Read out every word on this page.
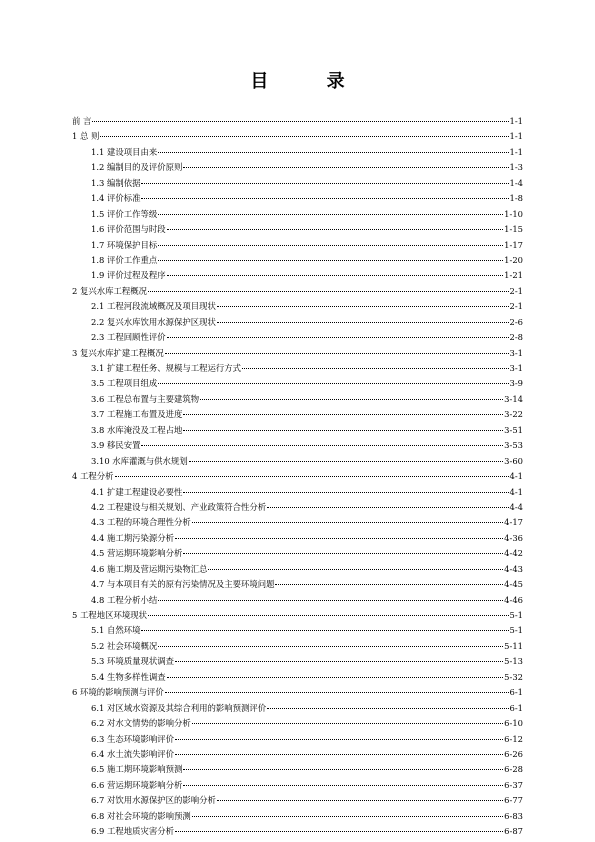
目 录
前 言	1-1
1 总 则	1-1
1.1 建设项目由来	1-1
1.2 编制目的及评价原则	1-3
1.3 编制依据	1-4
1.4 评价标准	1-8
1.5 评价工作等级	1-10
1.6 评价范围与时段	1-15
1.7 环境保护目标	1-17
1.8 评价工作重点	1-20
1.9 评价过程及程序	1-21
2 复兴水库工程概况	2-1
2.1 工程河段流域概况及项目现状	2-1
2.2 复兴水库饮用水源保护区现状	2-6
2.3 工程回顾性评价	2-8
3 复兴水库扩建工程概况	3-1
3.1 扩建工程任务、规模与工程运行方式	3-1
3.5 工程项目组成	3-9
3.6 工程总布置与主要建筑物	3-14
3.7 工程施工布置及进度	3-22
3.8 水库淹没及工程占地	3-51
3.9 移民安置	3-53
3.10 水库灌溉与供水规划	3-60
4 工程分析	4-1
4.1 扩建工程建设必要性	4-1
4.2 工程建设与相关规划、产业政策符合性分析	4-4
4.3 工程的环境合理性分析	4-17
4.4 施工期污染源分析	4-36
4.5 营运期环境影响分析	4-42
4.6 施工期及营运期污染物汇总	4-43
4.7 与本项目有关的原有污染情况及主要环境问题	4-45
4.8 工程分析小结	4-46
5 工程地区环境现状	5-1
5.1 自然环境	5-1
5.2 社会环境概况	5-11
5.3 环境质量现状调查	5-13
5.4 生物多样性调查	5-32
6 环境的影响预测与评价	6-1
6.1 对区域水资源及其综合利用的影响预测评价	6-1
6.2 对水文情势的影响分析	6-10
6.3 生态环境影响评价	6-12
6.4 水土流失影响评价	6-26
6.5 施工期环境影响预测	6-28
6.6 营运期环境影响分析	6-37
6.7 对饮用水源保护区的影响分析	6-77
6.8 对社会环境的影响预测	6-83
6.9 工程地质灾害分析	6-87
